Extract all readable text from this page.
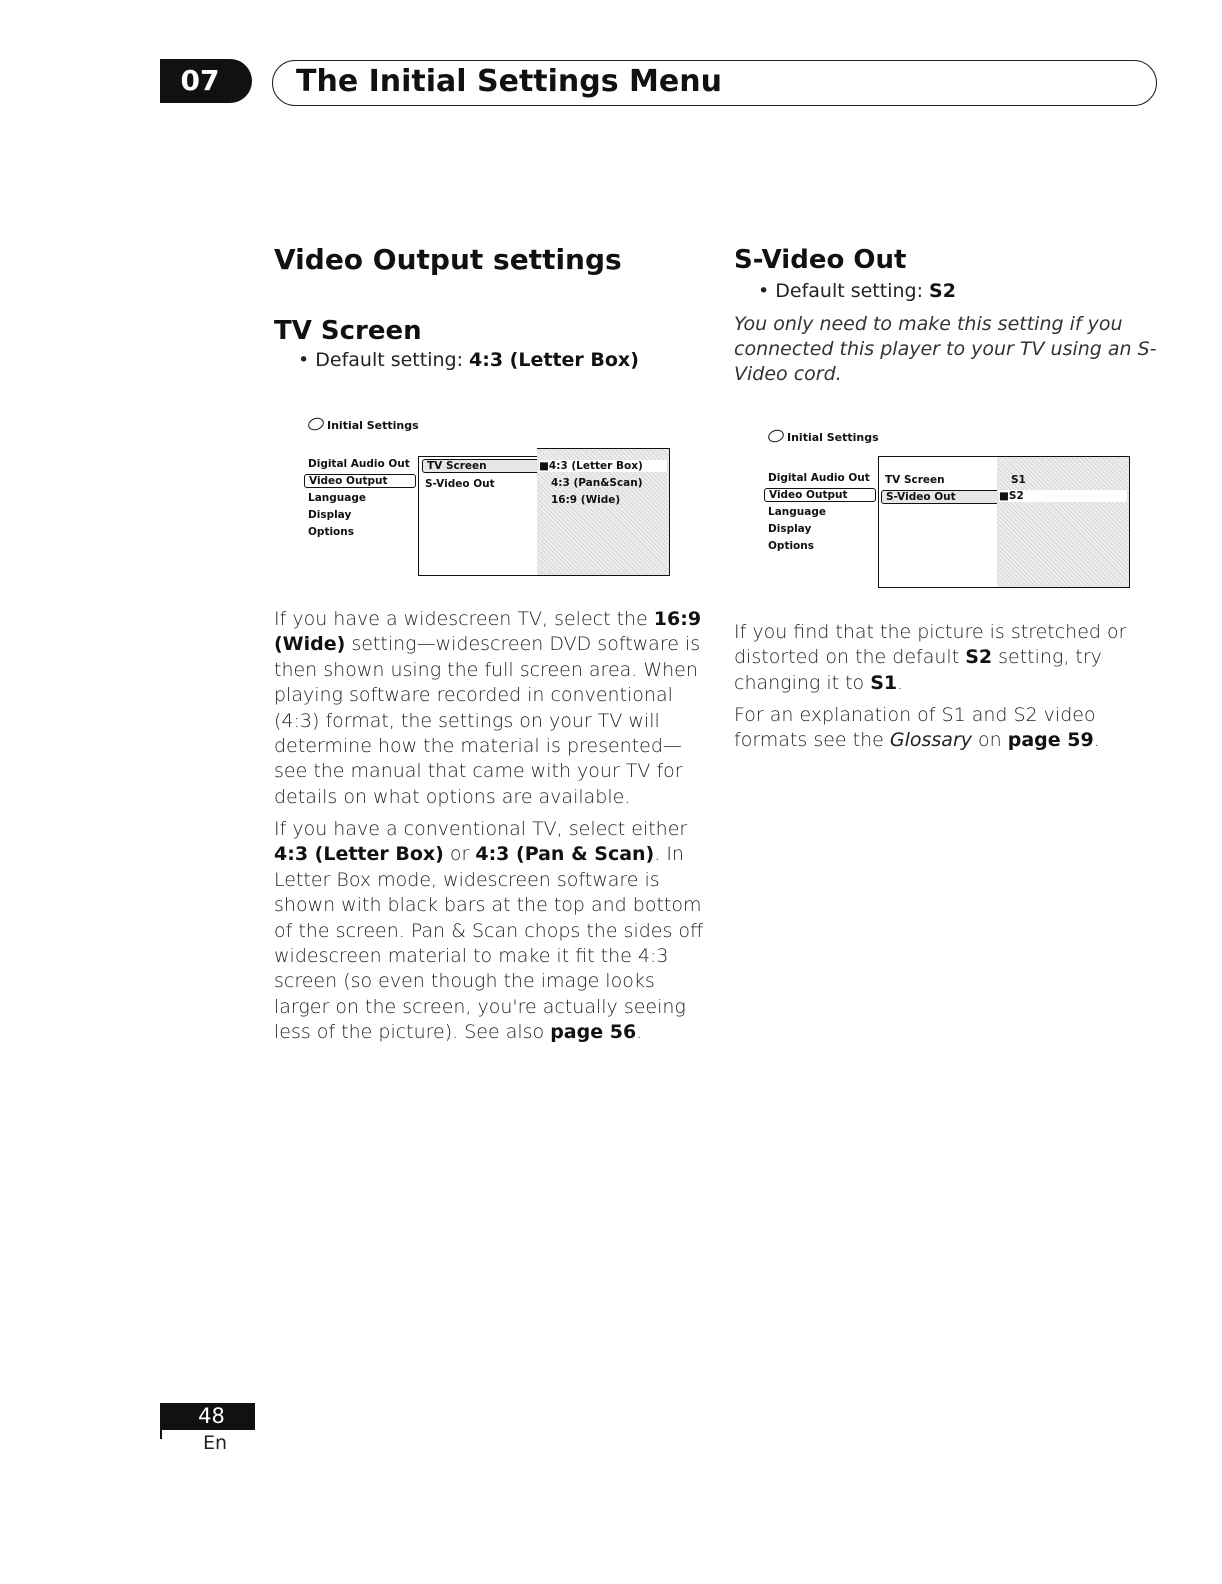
07	The Initial Settings Menu
Video Output settings
TV Screen
• Default setting: 4:3 (Letter Box)
Initial Settings
Digital Audio Out
Video Output
Language
Display
Options
TV Screen
S-Video Out
■4:3 (Letter Box)
4:3 (Pan&Scan)
16:9 (Wide)
If you have a widescreen TV, select the 16:9
(Wide) setting—widescreen DVD software is
then shown using the full screen area. When
playing software recorded in conventional
(4:3) format, the settings on your TV will
determine how the material is presented—
see the manual that came with your TV for
details on what options are available.
If you have a conventional TV, select either
4:3 (Letter Box) or 4:3 (Pan & Scan). In
Letter Box mode, widescreen software is
shown with black bars at the top and bottom
of the screen. Pan & Scan chops the sides off
widescreen material to make it fit the 4:3
screen (so even though the image looks
larger on the screen, you're actually seeing
less of the picture). See also page 56.
S-Video Out
• Default setting: S2
You only need to make this setting if you
connected this player to your TV using an S-
Video cord.
Initial Settings
Digital Audio Out
Video Output
Language
Display
Options
TV Screen
S-Video Out
S1
■S2
If you find that the picture is stretched or
distorted on the default S2 setting, try
changing it to S1.
For an explanation of S1 and S2 video
formats see the Glossary on page 59.
48
En
